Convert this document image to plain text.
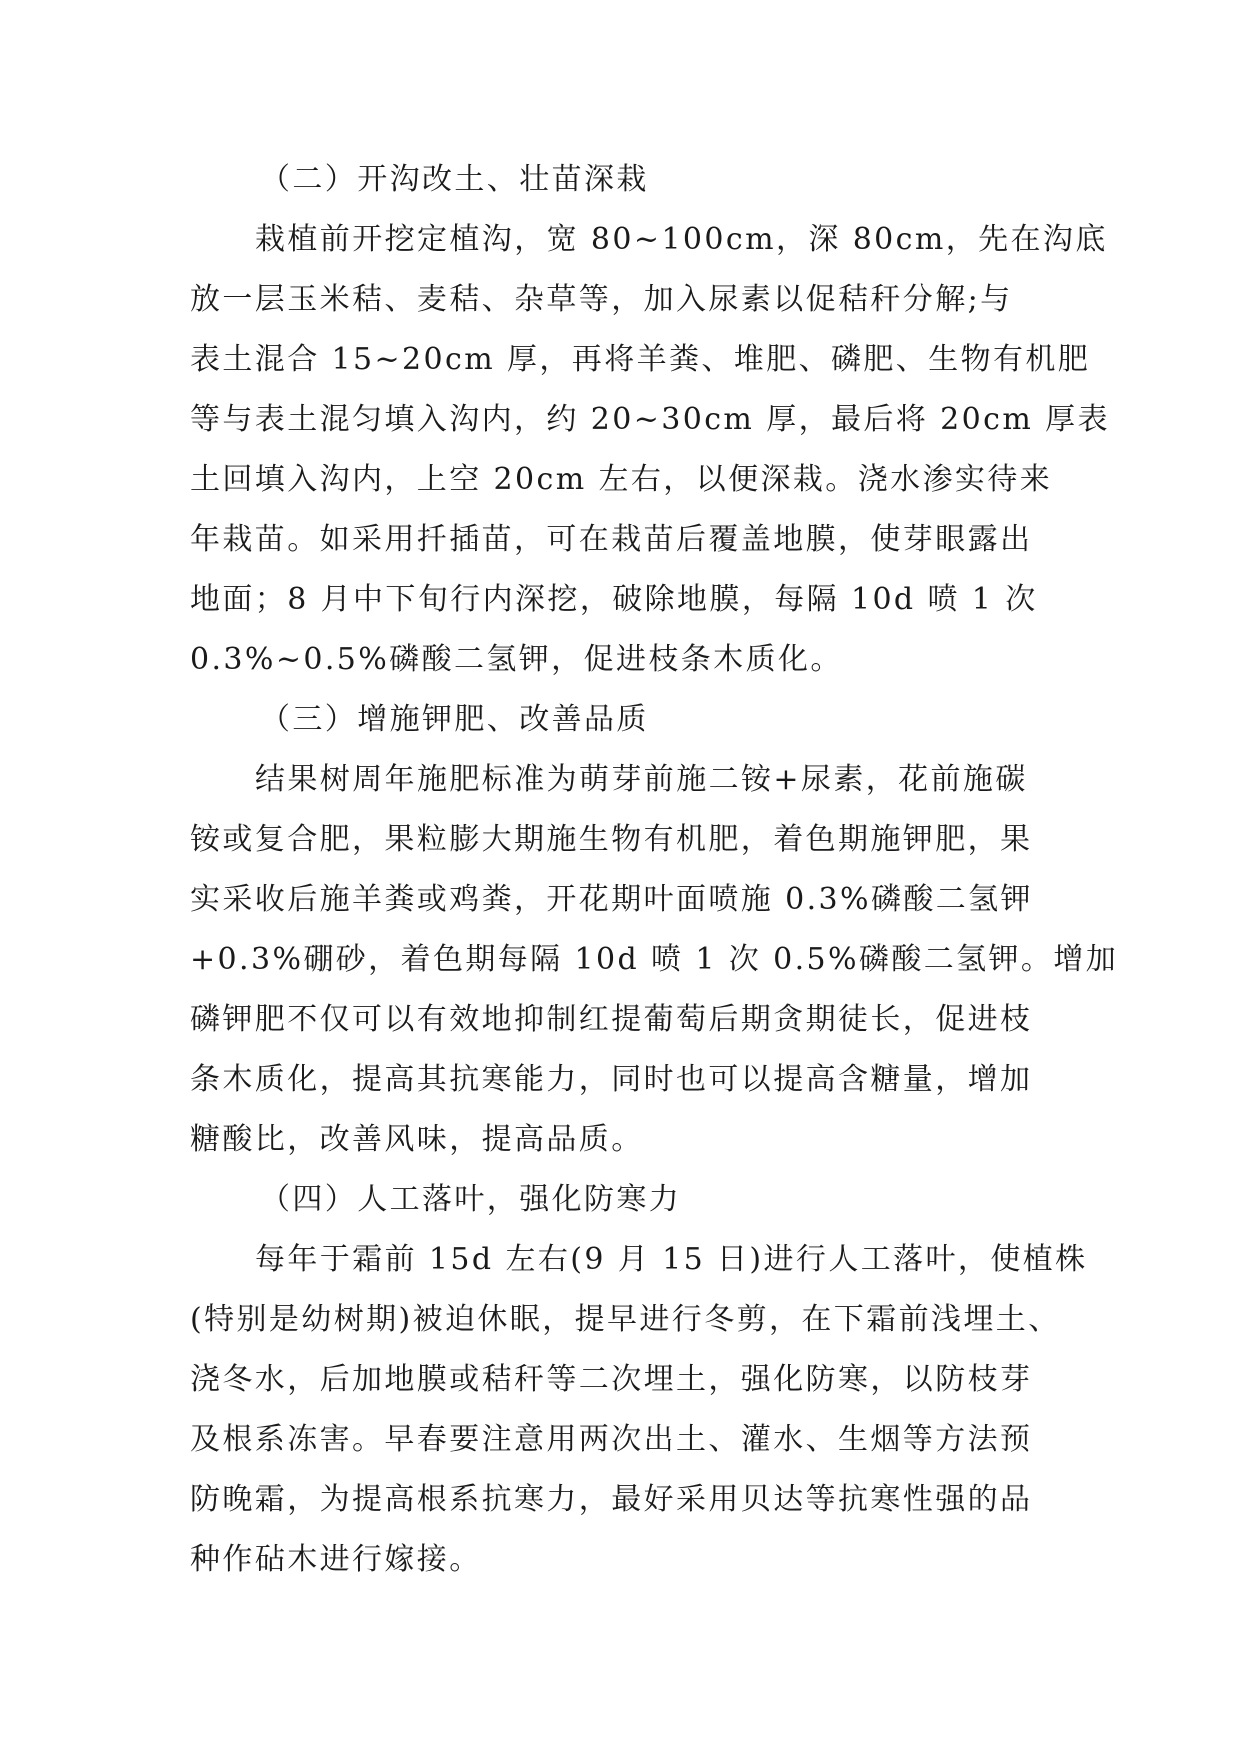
（二）开沟改土、壮苗深栽
栽植前开挖定植沟，宽 80~100cm，深 80cm，先在沟底
放一层玉米秸、麦秸、杂草等，加入尿素以促秸秆分解;与
表土混合 15~20cm 厚，再将羊粪、堆肥、磷肥、生物有机肥
等与表土混匀填入沟内，约 20~30cm 厚，最后将 20cm 厚表
土回填入沟内，上空 20cm 左右，以便深栽。浇水渗实待来
年栽苗。如采用扦插苗，可在栽苗后覆盖地膜，使芽眼露出
地面；8 月中下旬行内深挖，破除地膜，每隔 10d 喷 1 次
0.3%~0.5%磷酸二氢钾，促进枝条木质化。
（三）增施钾肥、改善品质
结果树周年施肥标准为萌芽前施二铵+尿素，花前施碳
铵或复合肥，果粒膨大期施生物有机肥，着色期施钾肥，果
实采收后施羊粪或鸡粪，开花期叶面喷施 0.3%磷酸二氢钾
+0.3%硼砂，着色期每隔 10d 喷 1 次 0.5%磷酸二氢钾。增加
磷钾肥不仅可以有效地抑制红提葡萄后期贪期徒长，促进枝
条木质化，提高其抗寒能力，同时也可以提高含糖量，增加
糖酸比，改善风味，提高品质。
（四）人工落叶，强化防寒力
每年于霜前 15d 左右(9 月 15 日)进行人工落叶，使植株
(特别是幼树期)被迫休眠，提早进行冬剪，在下霜前浅埋土、
浇冬水，后加地膜或秸秆等二次埋土，强化防寒，以防枝芽
及根系冻害。早春要注意用两次出土、灌水、生烟等方法预
防晚霜，为提高根系抗寒力，最好采用贝达等抗寒性强的品
种作砧木进行嫁接。
